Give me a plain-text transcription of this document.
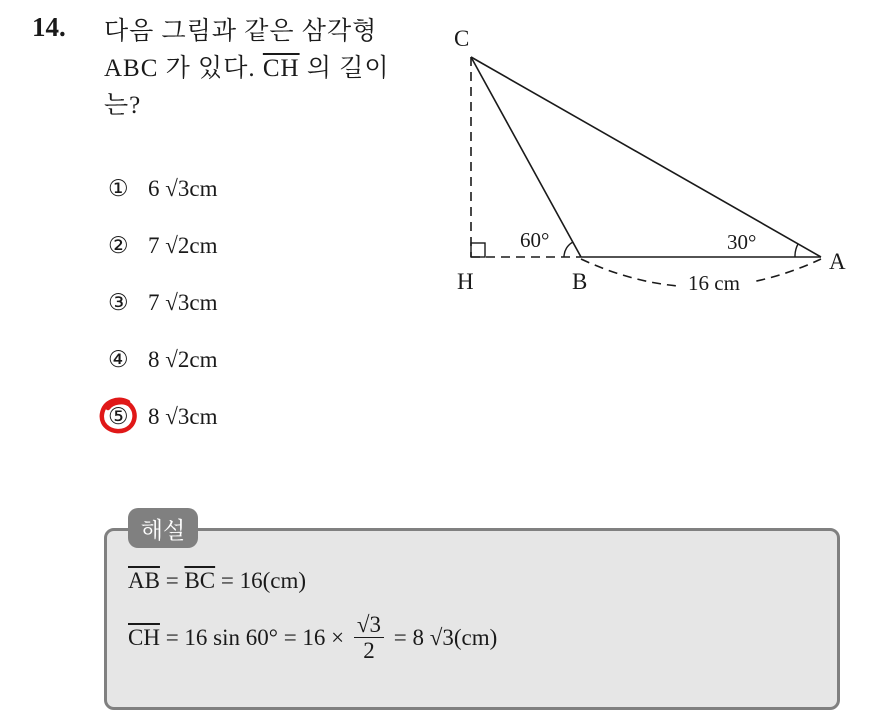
14. 다음 그림과 같은 삼각형
ABC 가 있다. $\overline{CH}$ 의 길이
는?
① 6 √3cm
② 7 √2cm
③ 7 √3cm
④ 8 √2cm
⑤ 8 √3cm
16 cm
C
H	B
A
60°	30°
해설
$\overline{AB} = \overline{BC} = 16(cm)$
$\overline{CH} = 16$ $\sin 60^\circ = 16 \times \frac{√3}{2} = 8$ √3(cm)
